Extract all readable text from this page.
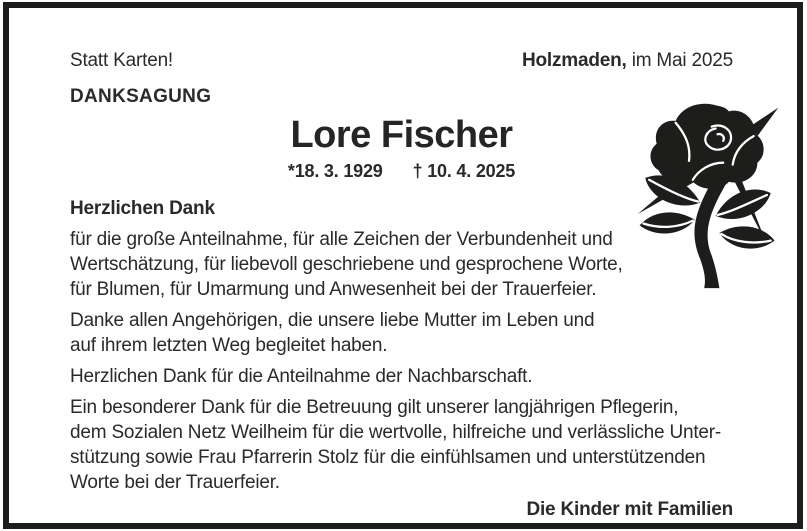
Statt Karten!	Holzmaden, im Mai 2025
DANKSAGUNG
Lore Fischer
*18. 3. 1929 † 10. 4. 2025
Herzlichen Dank
für die große Anteilnahme, für alle Zeichen der Verbundenheit und
Wertschätzung, für liebevoll geschriebene und gesprochene Worte,
für Blumen, für Umarmung und Anwesenheit bei der Trauerfeier.
Danke allen Angehörigen, die unsere liebe Mutter im Leben und
auf ihrem letzten Weg begleitet haben.
Herzlichen Dank für die Anteilnahme der Nachbarschaft.
Ein besonderer Dank für die Betreuung gilt unserer langjährigen Pflegerin,
dem Sozialen Netz Weilheim für die wertvolle, hilfreiche und verlässliche Unter-
stützung sowie Frau Pfarrerin Stolz für die einfühlsamen und unterstützenden
Worte bei der Trauerfeier.
Die Kinder mit Familien
